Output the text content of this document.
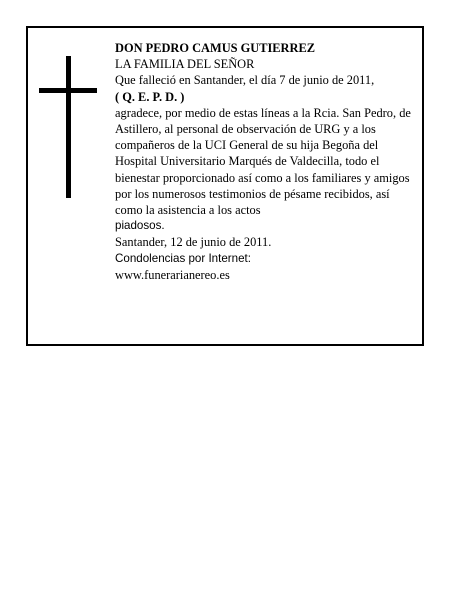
DON PEDRO CAMUS GUTIERREZ

LA FAMILIA DEL SEÑOR

Que falleció en Santander, el día 7 de junio de 2011,

( Q. E. P. D. )

agradece, por medio de estas líneas a la Rcia. San Pedro, de Astillero, al personal de observación de URG y a los compañeros de la UCI General de su hija Begoña del Hospital Universitario Marqués de Valdecilla, todo el bienestar proporcionado así como a los familiares y amigos por los numerosos testimonios de pésame recibidos, así como la asistencia a los actos

piadosos.

Santander, 12 de junio de 2011.

Condolencias por Internet:

www.funerarianereo.es
